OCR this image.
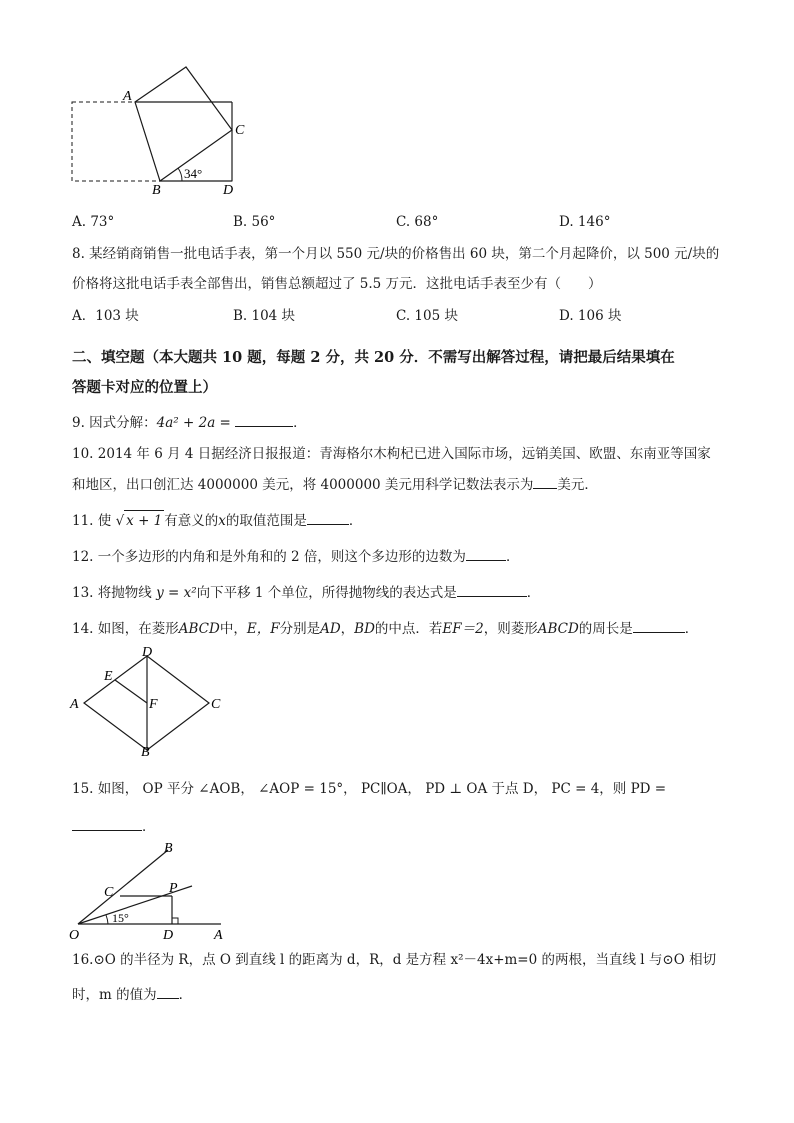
A
B
C
D
34°
A. 73°	B. 56°	C. 68°	D. 146°
8. 某经销商销售一批电话手表，第一个月以 550 元/块的价格售出 60 块，第二个月起降价，以 500 元/块的
价格将这批电话手表全部售出，销售总额超过了 5.5 万元．这批电话手表至少有（　　）
A．103 块	B. 104 块	C. 105 块	D. 106 块
二、填空题（本大题共 10 题，每题 2 分，共 20 分．不需写出解答过程，请把最后结果填在
答题卡对应的位置上）
9. 因式分解：4a² + 2a =	．
10. 2014 年 6 月 4 日据经济日报报道：青海格尔木枸杞已进入国际市场，远销美国、欧盟、东南亚等国家
和地区，出口创汇达 4000000 美元，将 4000000 美元用科学记数法表示为 美元．
11. 使 √ x + 1 有意义的x的取值范围是	．
12. 一个多边形的内角和是外角和的 2 倍，则这个多边形的边数为	．
13. 将抛物线 y = x²向下平移 1 个单位，所得抛物线的表达式是	．
14. 如图，在菱形ABCD中，E，F分别是AD，BD的中点．若EF＝2，则菱形ABCD的周长是	．
A
D
C
B
E
F
15. 如图， OP 平分 ∠AOB， ∠AOP = 15°， PC∥OA， PD ⊥ OA 于点 D， PC = 4，则 PD =
．
15°
O	D	A
B
C	P
16.⊙O 的半径为 R，点 O 到直线 l 的距离为 d，R，d 是方程 x²－4x+m=0 的两根，当直线 l 与⊙O 相切
时，m 的值为 ．
